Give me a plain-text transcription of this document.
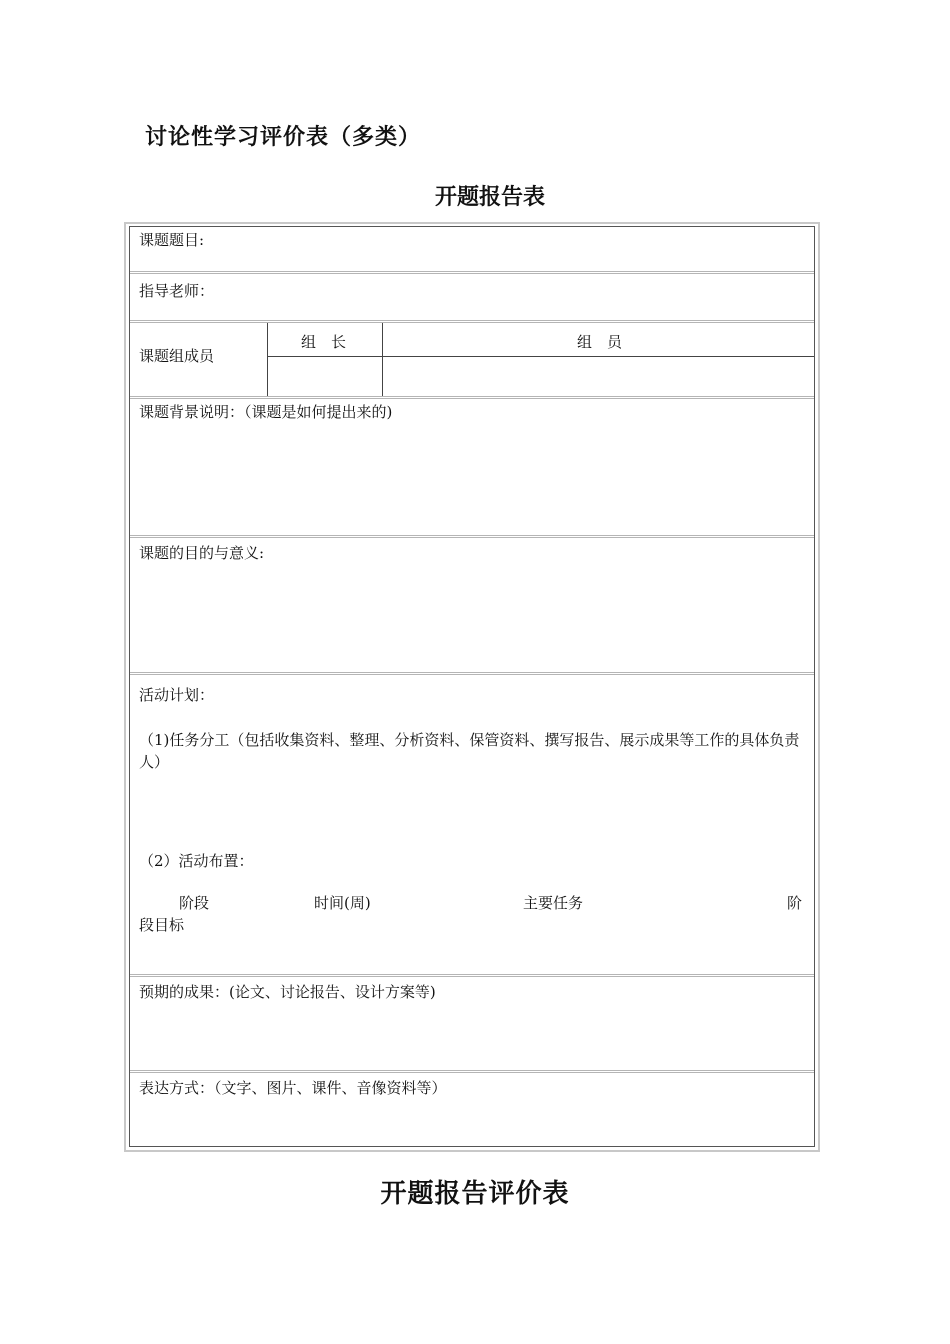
讨论性学习评价表（多类）
开题报告表
课题题目:
指导老师：
课题组成员
组　长	组　员
课题背景说明：（课题是如何提出来的)
课题的目的与意义:
活动计划：
（1)任务分工（包括收集资料、整理、分析资料、保管资料、撰写报告、展示成果等工作的具体负责人）
（2）活动布置：
阶段	时间(周)	主要任务	阶
段目标
预期的成果：(论文、讨论报告、设计方案等)
表达方式：（文字、图片、课件、音像资料等）
开题报告评价表
